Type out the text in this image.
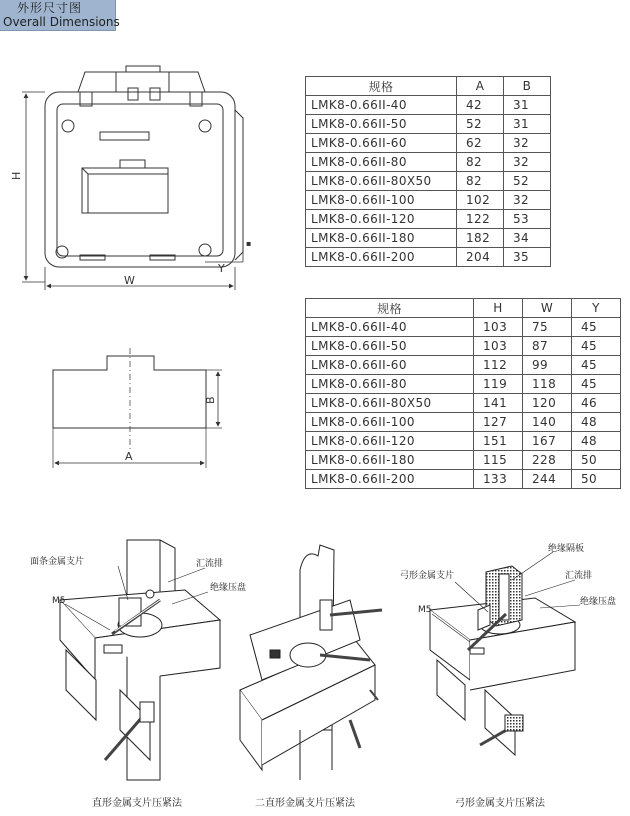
外形尺寸图
Overall Dimensions
H
W
Y
▪
B
A
面条金属支片	汇流排
绝缘压盘
M5
直形金属支片压紧法	二直形金属支片压紧法
绝缘隔板
弓形金属支片	汇流排
绝缘压盘
M5
弓形金属支片压紧法
规格	A	B
LMK8-0.66II-40	42	31
LMK8-0.66II-50	52	31
LMK8-0.66II-60	62	32
LMK8-0.66II-80	82	32
LMK8-0.66II-80X50	82	52
LMK8-0.66II-100	102	32
LMK8-0.66II-120	122	53
LMK8-0.66II-180	182	34
LMK8-0.66II-200	204	35
规格	H	W	Y
LMK8-0.66II-40	103	75	45
LMK8-0.66II-50	103	87	45
LMK8-0.66II-60	112	99	45
LMK8-0.66II-80	119	118	45
LMK8-0.66II-80X50	141	120	46
LMK8-0.66II-100	127	140	48
LMK8-0.66II-120	151	167	48
LMK8-0.66II-180	115	228	50
LMK8-0.66II-200	133	244	50
